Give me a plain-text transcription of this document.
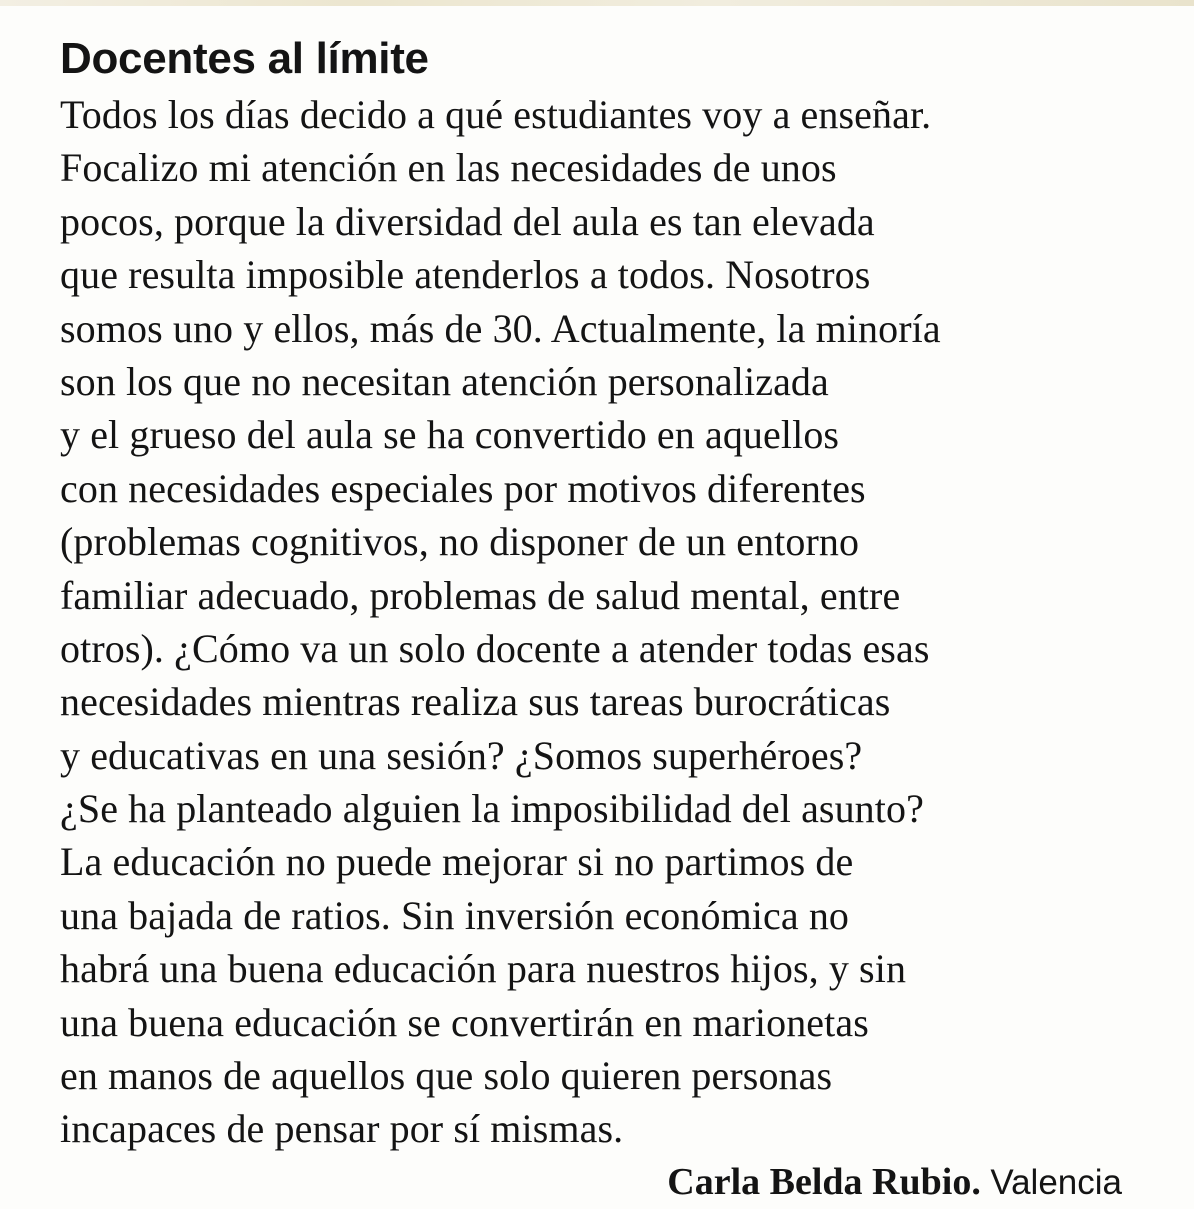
Docentes al límite
Todos los días decido a qué estudiantes voy a enseñar.
Focalizo mi atención en las necesidades de unos
pocos, porque la diversidad del aula es tan elevada
que resulta imposible atenderlos a todos. Nosotros
somos uno y ellos, más de 30. Actualmente, la minoría
son los que no necesitan atención personalizada
y el grueso del aula se ha convertido en aquellos
con necesidades especiales por motivos diferentes
(problemas cognitivos, no disponer de un entorno
familiar adecuado, problemas de salud mental, entre
otros). ¿Cómo va un solo docente a atender todas esas
necesidades mientras realiza sus tareas burocráticas
y educativas en una sesión? ¿Somos superhéroes?
¿Se ha planteado alguien la imposibilidad del asunto?
La educación no puede mejorar si no partimos de
una bajada de ratios. Sin inversión económica no
habrá una buena educación para nuestros hijos, y sin
una buena educación se convertirán en marionetas
en manos de aquellos que solo quieren personas
incapaces de pensar por sí mismas.
Carla Belda Rubio. Valencia
